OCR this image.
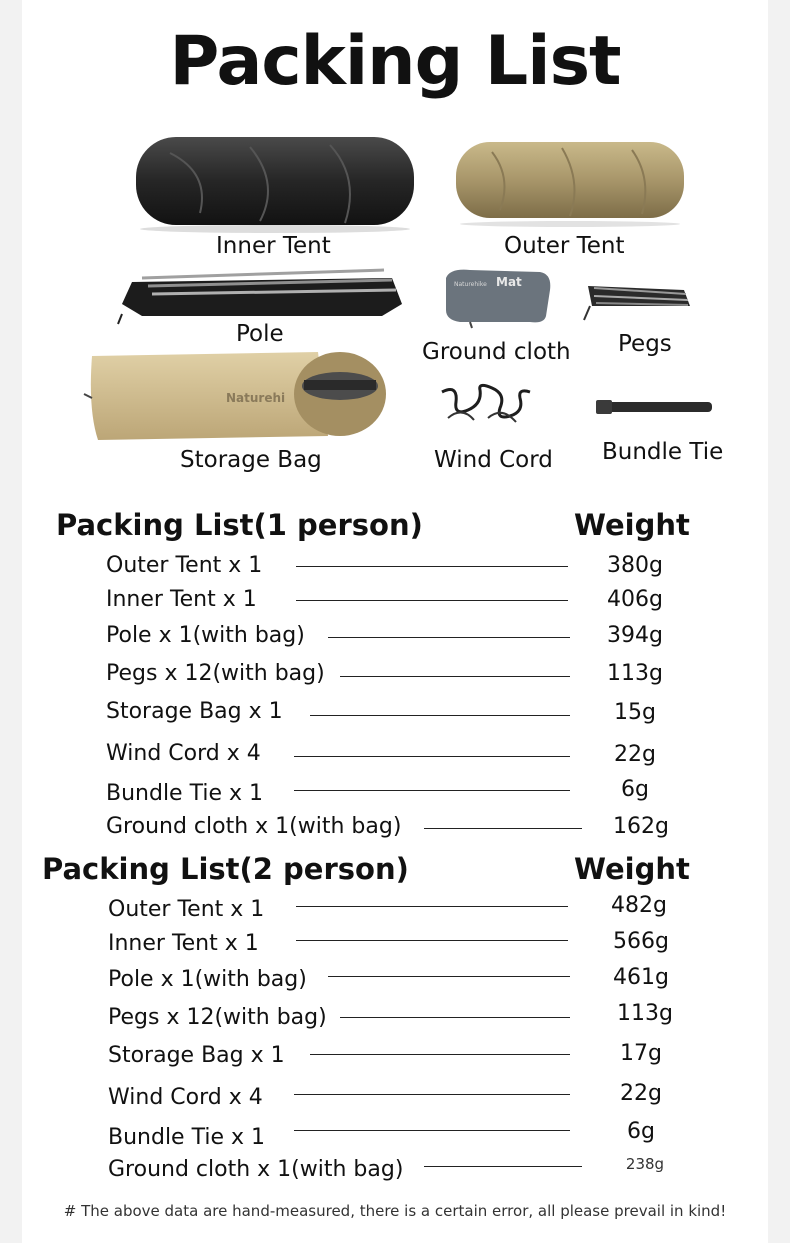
Packing List
Inner Tent	Outer Tent
Pole
Mat
Naturehike
Ground cloth Pegs
Naturehi
Storage Bag	Wind Cord Bundle Tie
Packing List(1 person)	Weight
Outer Tent x 1	380g
Inner Tent x 1	406g
Pole x 1(with bag)	394g
Pegs x 12(with bag)	113g
Storage Bag x 1	15g
Wind Cord x 4	22g
Bundle Tie x 1	6g
Ground cloth x 1(with bag)	162g
Packing List(2 person)	Weight
Outer Tent x 1	482g
Inner Tent x 1	566g
Pole x 1(with bag)	461g
Pegs x 12(with bag)	113g
Storage Bag x 1	17g
Wind Cord x 4	22g
Bundle Tie x 1	6g
Ground cloth x 1(with bag)	238g
# The above data are hand-measured, there is a certain error, all please prevail in kind!
